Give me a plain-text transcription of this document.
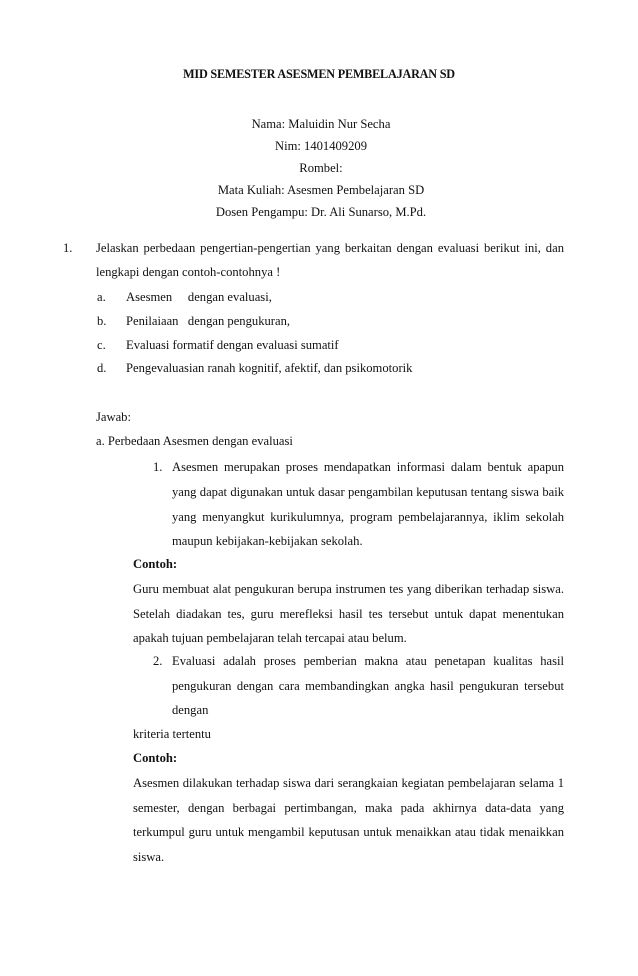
MID SEMESTER ASESMEN PEMBELAJARAN SD
Nama: Maluidin Nur Secha
Nim: 1401409209
Rombel:
Mata Kuliah: Asesmen Pembelajaran SD
Dosen Pengampu: Dr. Ali Sunarso, M.Pd.
1. Jelaskan perbedaan pengertian-pengertian yang berkaitan dengan evaluasi berikut ini, dan
lengkapi dengan contoh-contohnya !
a. Asesmen     dengan evaluasi,
b. Penilaiaan   dengan pengukuran,
c. Evaluasi formatif dengan evaluasi sumatif
d. Pengevaluasian ranah kognitif, afektif, dan psikomotorik
Jawab:
a. Perbedaan Asesmen dengan evaluasi
1. Asesmen merupakan proses mendapatkan informasi dalam bentuk apapun
yang dapat digunakan untuk dasar pengambilan keputusan tentang siswa baik
yang menyangkut kurikulumnya, program pembelajarannya, iklim sekolah
maupun kebijakan-kebijakan sekolah.
Contoh:
Guru membuat alat pengukuran berupa instrumen tes yang diberikan terhadap siswa.
Setelah diadakan tes, guru merefleksi hasil tes tersebut untuk dapat menentukan
apakah tujuan pembelajaran telah tercapai atau belum.
2. Evaluasi adalah proses pemberian makna atau penetapan kualitas hasil
pengukuran dengan cara membandingkan angka hasil pengukuran tersebut
dengan
kriteria tertentu
Contoh:
Asesmen dilakukan terhadap siswa dari serangkaian kegiatan pembelajaran selama 1
semester, dengan berbagai pertimbangan, maka pada akhirnya data-data yang
terkumpul guru untuk mengambil keputusan untuk menaikkan atau tidak menaikkan
siswa.
